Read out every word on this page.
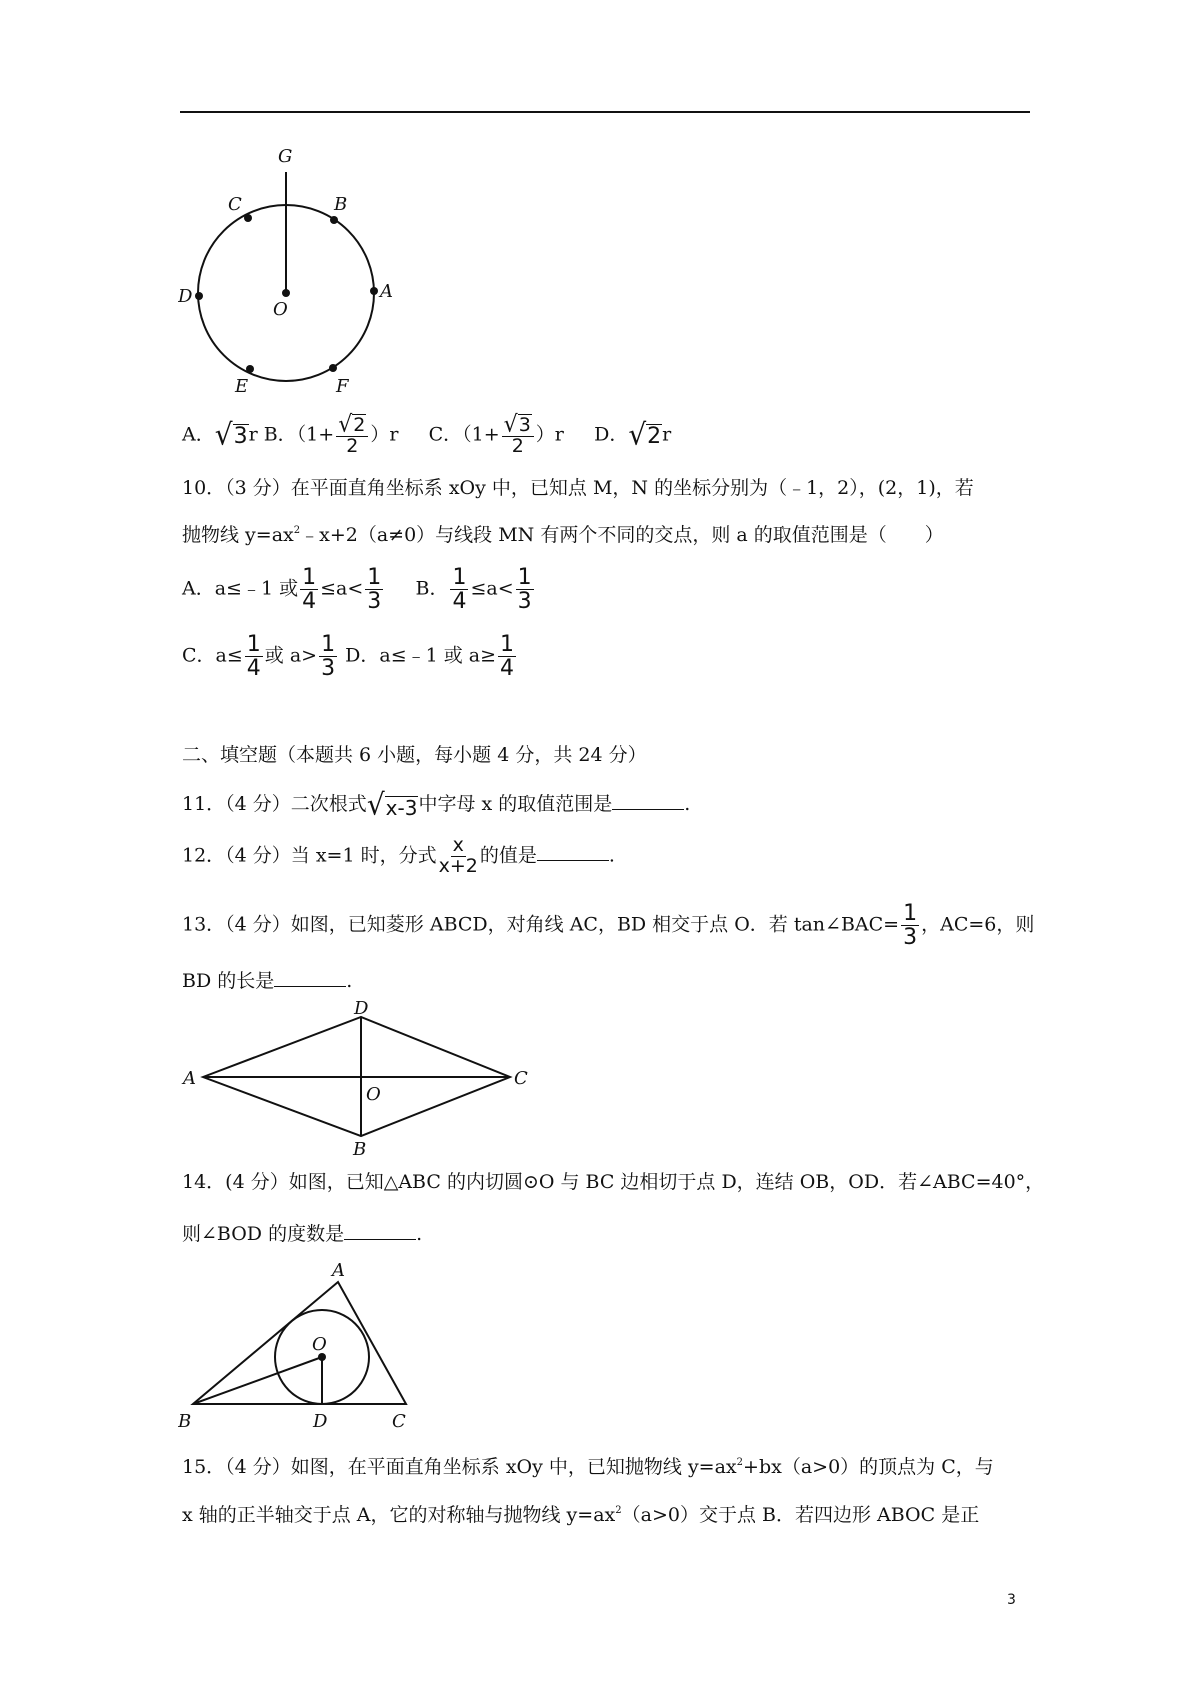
G
C	B
D	A
O
E	F
A． √ 3 r B．$(1+ \frac{√ 2}{2} )r$ C．$(1+ \frac{√ 3}{2} )r$ D． √ 2 r
10．（3 分）在平面直角坐标系 xOy 中，已知点 M，N 的坐标分别为（﹣1，2），(2，1)，若
抛物线 $y=ax^2﹣x+2(a\ne 0)$与线段 MN 有两个不同的交点，则 a 的取值范围是（　　）
A．a≤﹣1 或 $\frac{1}{4} \le a< \frac{1}{3}$ B． $\frac{1}{4} \le a< \frac{1}{3}$
C．$a\le \frac{1}{4}$ 或 $a> \frac{1}{3}$ D．a≤﹣1 或 $a\ge \frac{1}{4}$
二、填空题（本题共 6 小题，每小题 4 分，共 24 分）
11．（4 分）二次根式 √ x-3 中字母 x 的取值范围是	.
12．（4 分）当 x=1 时，分式 $\frac{x}{x+2}$ 的值是	.
13．（4 分）如图，已知菱形 ABCD，对角线 AC，BD 相交于点 O．若 tan∠BAC= $\frac{1}{3}$ ，AC=6，则
BD 的长是	.
D
A
O
C
B
14．(4 分）如图，已知△ABC 的内切圆⊙O 与 BC 边相切于点 D，连结 OB，OD．若∠ABC=40°，
则∠BOD 的度数是	.
A
O
B	D	C
15．（4 分）如图，在平面直角坐标系 xOy 中，已知抛物线 $y=ax^2+bx(a>0)$的顶点为 C，与
x 轴的正半轴交于点 A，它的对称轴与抛物线 $y=ax^2(a>0)$交于点 B．若四边形 ABOC 是正
3
